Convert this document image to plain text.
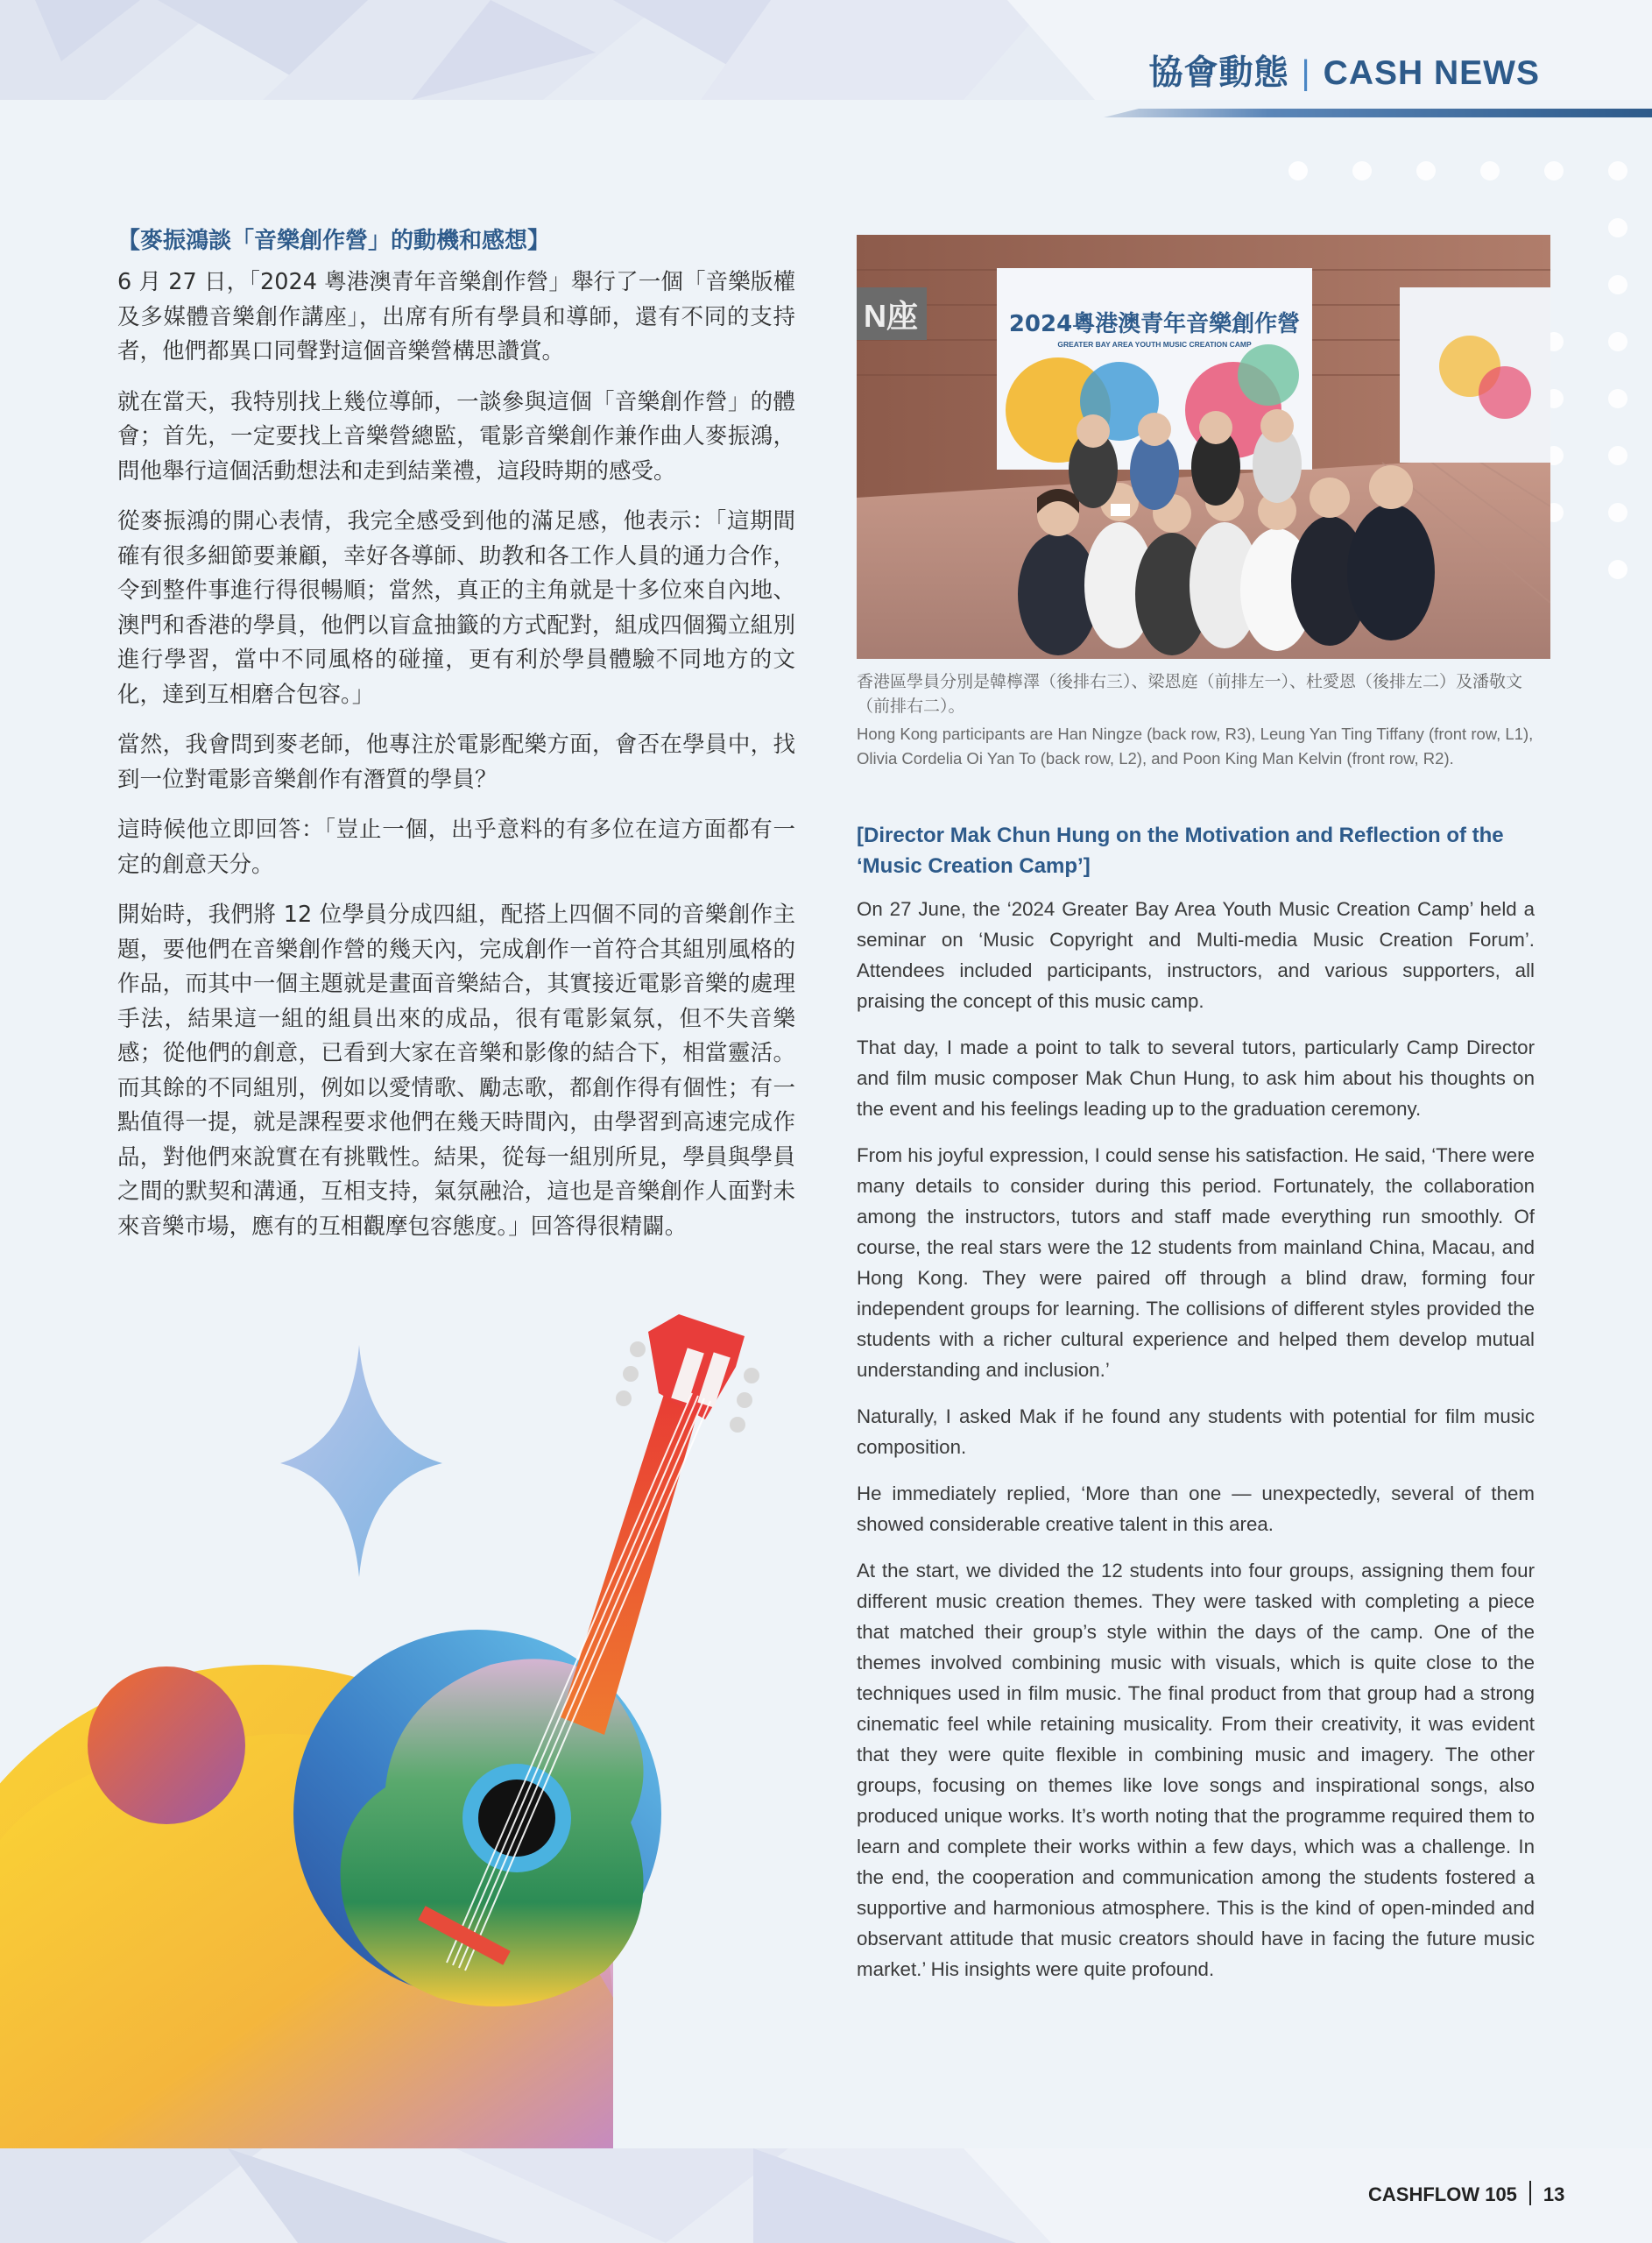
協會動態 | CASH NEWS
【麥振鴻談「音樂創作營」的動機和感想】

6 月 27 日，「2024 粵港澳青年音樂創作營」舉行了一個「音樂版權及多媒體音樂創作講座」，出席有所有學員和導師，還有不同的支持者，他們都異口同聲對這個音樂營構思讚賞。

就在當天，我特別找上幾位導師，一談參與這個「音樂創作營」的體會；首先，一定要找上音樂營總監，電影音樂創作兼作曲人麥振鴻，問他舉行這個活動想法和走到結業禮，這段時期的感受。

從麥振鴻的開心表情，我完全感受到他的滿足感，他表示：「這期間確有很多細節要兼顧，幸好各導師、助教和各工作人員的通力合作，令到整件事進行得很暢順；當然，真正的主角就是十多位來自內地、澳門和香港的學員，他們以盲盒抽籤的方式配對，組成四個獨立組別進行學習，當中不同風格的碰撞，更有利於學員體驗不同地方的文化，達到互相磨合包容。」

當然，我會問到麥老師，他專注於電影配樂方面，會否在學員中，找到一位對電影音樂創作有潛質的學員？

這時候他立即回答：「豈止一個，出乎意料的有多位在這方面都有一定的創意天分。

開始時，我們將 12 位學員分成四組，配搭上四個不同的音樂創作主題，要他們在音樂創作營的幾天內，完成創作一首符合其組別風格的作品，而其中一個主題就是畫面音樂結合，其實接近電影音樂的處理手法，結果這一組的組員出來的成品，很有電影氣氛，但不失音樂感；從他們的創意，已看到大家在音樂和影像的結合下，相當靈活。而其餘的不同組別，例如以愛情歌、勵志歌，都創作得有個性；有一點值得一提，就是課程要求他們在幾天時間內，由學習到高速完成作品，對他們來說實在有挑戰性。結果，從每一組別所見，學員與學員之間的默契和溝通，互相支持，氣氛融洽，這也是音樂創作人面對未來音樂市場，應有的互相觀摩包容態度。」回答得很精闢。

N座	2024粵港澳青年音樂創作營
GREATER BAY AREA YOUTH MUSIC CREATION CAMP

香港區學員分別是韓檸澤（後排右三）、梁恩庭（前排左一）、杜愛恩（後排左二）及潘敬文（前排右二）。

Hong Kong participants are Han Ningze (back row, R3), Leung Yan Ting Tiffany (front row, L1), Olivia Cordelia Oi Yan To (back row, L2), and Poon King Man Kelvin (front row, R2).

[Director Mak Chun Hung on the Motivation and Reflection of the ‘Music Creation Camp’]

On 27 June, the ‘2024 Greater Bay Area Youth Music Creation Camp’ held a seminar on ‘Music Copyright and Multi-media Music Creation Forum’. Attendees included participants, instructors, and various supporters, all praising the concept of this music camp.

That day, I made a point to talk to several tutors, particularly Camp Director and film music composer Mak Chun Hung, to ask him about his thoughts on the event and his feelings leading up to the graduation ceremony.

From his joyful expression, I could sense his satisfaction. He said, ‘There were many details to consider during this period. Fortunately, the collaboration among the instructors, tutors and staff made everything run smoothly. Of course, the real stars were the 12 students from mainland China, Macau, and Hong Kong. They were paired off through a blind draw, forming four independent groups for learning. The collisions of different styles provided the students with a richer cultural experience and helped them develop mutual understanding and inclusion.’

Naturally, I asked Mak if he found any students with potential for film music composition.

He immediately replied, ‘More than one — unexpectedly, several of them showed considerable creative talent in this area.

At the start, we divided the 12 students into four groups, assigning them four different music creation themes. They were tasked with completing a piece that matched their group’s style within the days of the camp. One of the themes involved combining music with visuals, which is quite close to the techniques used in film music. The final product from that group had a strong cinematic feel while retaining musicality. From their creativity, it was evident that they were quite flexible in combining music and imagery. The other groups, focusing on themes like love songs and inspirational songs, also produced unique works. It’s worth noting that the programme required them to learn and complete their works within a few days, which was a challenge. In the end, the cooperation and communication among the students fostered a supportive and harmonious atmosphere. This is the kind of open-minded and observant attitude that music creators should have in facing the future music market.’ His insights were quite profound.

CASHFLOW 105 13
